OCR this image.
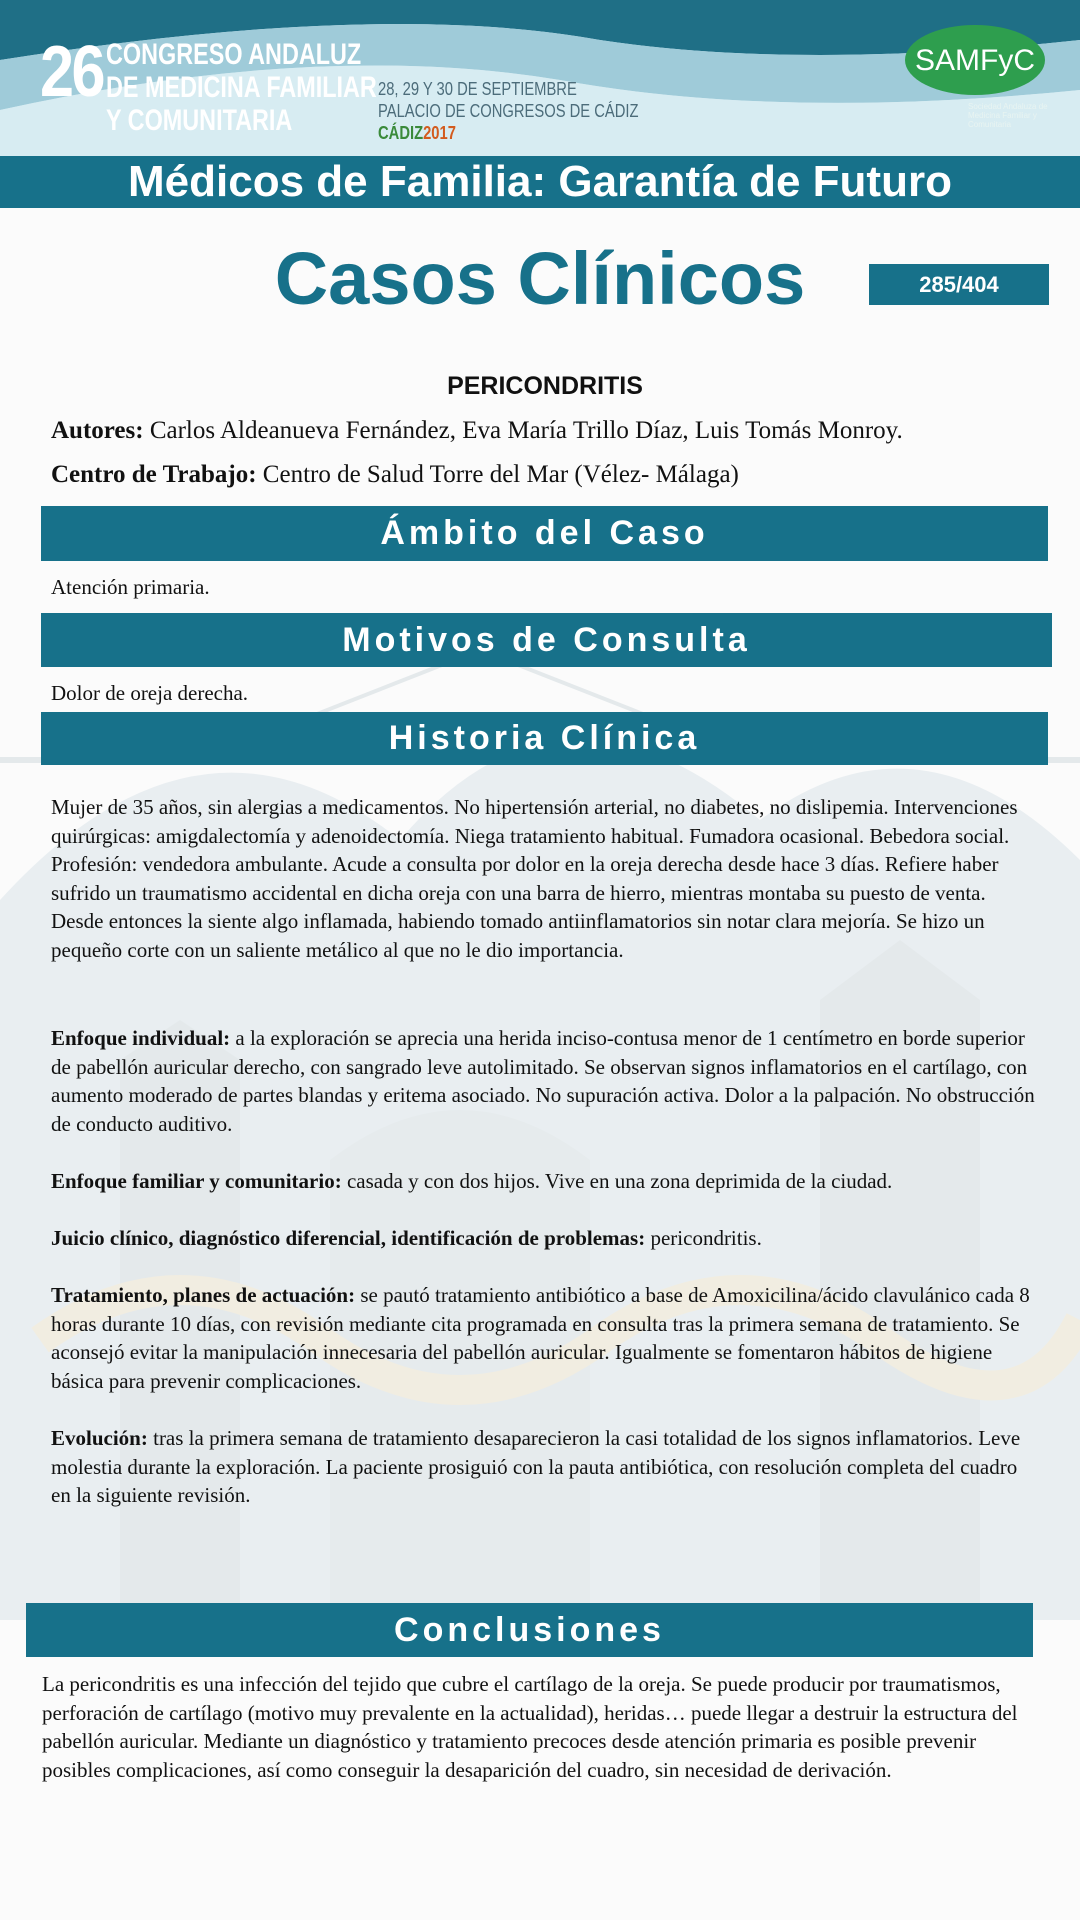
26 CONGRESO ANDALUZ
DE MEDICINA FAMILIAR
Y COMUNITARIA
28, 29 Y 30 DE SEPTIEMBRE
PALACIO DE CONGRESOS DE CÁDIZ
CÁDIZ2017
SAMFyC
Sociedad Andaluza de Medicina Familiar y Comunitaria
Médicos de Familia: Garantía de Futuro
Casos Clínicos	285/404
PERICONDRITIS
Autores: Carlos Aldeanueva Fernández, Eva María Trillo Díaz, Luis Tomás Monroy.
Centro de Trabajo: Centro de Salud Torre del Mar (Vélez- Málaga)
Ámbito del Caso
Atención primaria.
Motivos de Consulta
Dolor de oreja derecha.
Historia Clínica
Mujer de 35 años, sin alergias a medicamentos. No hipertensión arterial, no diabetes, no dislipemia. Intervenciones quirúrgicas: amigdalectomía y adenoidectomía. Niega tratamiento habitual. Fumadora ocasional. Bebedora social. Profesión: vendedora ambulante. Acude a consulta por dolor en la oreja derecha desde hace 3 días. Refiere haber sufrido un traumatismo accidental en dicha oreja con una barra de hierro, mientras montaba su puesto de venta. Desde entonces la siente algo inflamada, habiendo tomado antiinflamatorios sin notar clara mejoría. Se hizo un pequeño corte con un saliente metálico al que no le dio importancia.
Enfoque individual: a la exploración se aprecia una herida inciso-contusa menor de 1 centímetro en borde superior de pabellón auricular derecho, con sangrado leve autolimitado. Se observan signos inflamatorios en el cartílago, con aumento moderado de partes blandas y eritema asociado. No supuración activa. Dolor a la palpación. No obstrucción de conducto auditivo.
Enfoque familiar y comunitario: casada y con dos hijos. Vive en una zona deprimida de la ciudad.
Juicio clínico, diagnóstico diferencial, identificación de problemas: pericondritis.
Tratamiento, planes de actuación: se pautó tratamiento antibiótico a base de Amoxicilina/ácido clavulánico cada 8 horas durante 10 días, con revisión mediante cita programada en consulta tras la primera semana de tratamiento. Se aconsejó evitar la manipulación innecesaria del pabellón auricular. Igualmente se fomentaron hábitos de higiene básica para prevenir complicaciones.
Evolución: tras la primera semana de tratamiento desaparecieron la casi totalidad de los signos inflamatorios. Leve molestia durante la exploración. La paciente prosiguió con la pauta antibiótica, con resolución completa del cuadro en la siguiente revisión.
Conclusiones
La pericondritis es una infección del tejido que cubre el cartílago de la oreja. Se puede producir por traumatismos, perforación de cartílago (motivo muy prevalente en la actualidad), heridas… puede llegar a destruir la estructura del pabellón auricular. Mediante un diagnóstico y tratamiento precoces desde atención primaria es posible prevenir posibles complicaciones, así como conseguir la desaparición del cuadro, sin necesidad de derivación.
